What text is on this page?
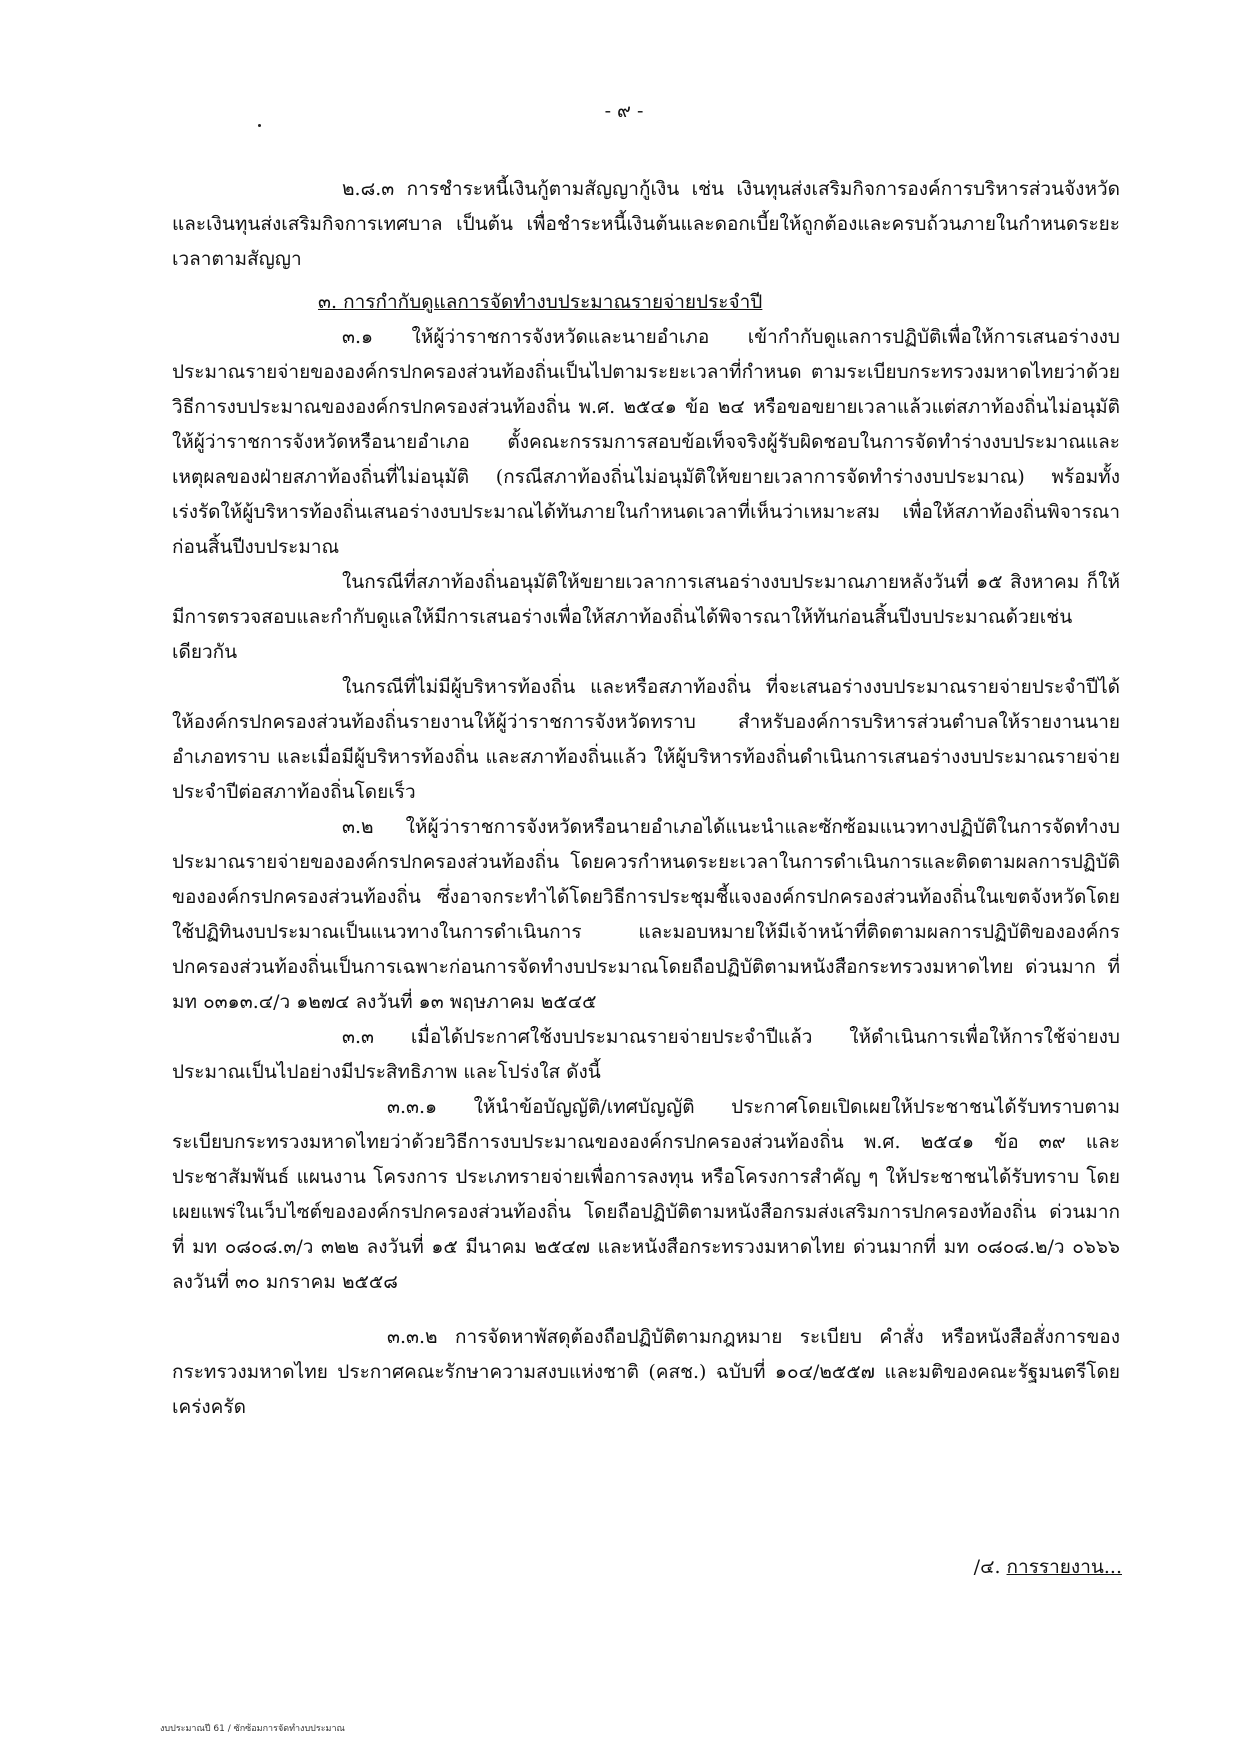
- ๙ -

๒.๘.๓ การชำระหนี้เงินกู้ตามสัญญากู้เงิน เช่น เงินทุนส่งเสริมกิจการองค์การบริหารส่วนจังหวัด และเงินทุนส่งเสริมกิจการเทศบาล เป็นต้น เพื่อชำระหนี้เงินต้นและดอกเบี้ยให้ถูกต้องและครบถ้วนภายในกำหนดระยะเวลาตามสัญญา

๓. การกำกับดูแลการจัดทำงบประมาณรายจ่ายประจำปี

๓.๑ ให้ผู้ว่าราชการจังหวัดและนายอำเภอ เข้ากำกับดูแลการปฏิบัติเพื่อให้การเสนอร่างงบประมาณรายจ่ายขององค์กรปกครองส่วนท้องถิ่นเป็นไปตามระยะเวลาที่กำหนด ตามระเบียบกระทรวงมหาดไทยว่าด้วยวิธีการงบประมาณขององค์กรปกครองส่วนท้องถิ่น พ.ศ. ๒๕๔๑ ข้อ ๒๔ หรือขอขยายเวลาแล้วแต่สภาท้องถิ่นไม่อนุมัติ ให้ผู้ว่าราชการจังหวัดหรือนายอำเภอ ตั้งคณะกรรมการสอบข้อเท็จจริงผู้รับผิดชอบในการจัดทำร่างงบประมาณและเหตุผลของฝ่ายสภาท้องถิ่นที่ไม่อนุมัติ (กรณีสภาท้องถิ่นไม่อนุมัติให้ขยายเวลาการจัดทำร่างงบประมาณ) พร้อมทั้งเร่งรัดให้ผู้บริหารท้องถิ่นเสนอร่างงบประมาณได้ทันภายในกำหนดเวลาที่เห็นว่าเหมาะสม เพื่อให้สภาท้องถิ่นพิจารณาก่อนสิ้นปีงบประมาณ

ในกรณีที่สภาท้องถิ่นอนุมัติให้ขยายเวลาการเสนอร่างงบประมาณภายหลังวันที่ ๑๕ สิงหาคม ก็ให้มีการตรวจสอบและกำกับดูแลให้มีการเสนอร่างเพื่อให้สภาท้องถิ่นได้พิจารณาให้ทันก่อนสิ้นปีงบประมาณด้วยเช่นเดียวกัน

ในกรณีที่ไม่มีผู้บริหารท้องถิ่น และหรือสภาท้องถิ่น ที่จะเสนอร่างงบประมาณรายจ่ายประจำปีได้ ให้องค์กรปกครองส่วนท้องถิ่นรายงานให้ผู้ว่าราชการจังหวัดทราบ สำหรับองค์การบริหารส่วนตำบลให้รายงานนายอำเภอทราบ และเมื่อมีผู้บริหารท้องถิ่น และสภาท้องถิ่นแล้ว ให้ผู้บริหารท้องถิ่นดำเนินการเสนอร่างงบประมาณรายจ่ายประจำปีต่อสภาท้องถิ่นโดยเร็ว

๓.๒ ให้ผู้ว่าราชการจังหวัดหรือนายอำเภอได้แนะนำและซักซ้อมแนวทางปฏิบัติในการจัดทำงบประมาณรายจ่ายขององค์กรปกครองส่วนท้องถิ่น โดยควรกำหนดระยะเวลาในการดำเนินการและติดตามผลการปฏิบัติขององค์กรปกครองส่วนท้องถิ่น ซึ่งอาจกระทำได้โดยวิธีการประชุมชี้แจงองค์กรปกครองส่วนท้องถิ่นในเขตจังหวัดโดยใช้ปฏิทินงบประมาณเป็นแนวทางในการดำเนินการ และมอบหมายให้มีเจ้าหน้าที่ติดตามผลการปฏิบัติขององค์กรปกครองส่วนท้องถิ่นเป็นการเฉพาะก่อนการจัดทำงบประมาณโดยถือปฏิบัติตามหนังสือกระทรวงมหาดไทย ด่วนมาก ที่ มท ๐๓๑๓.๔/ว ๑๒๗๔ ลงวันที่ ๑๓ พฤษภาคม ๒๕๔๕

๓.๓ เมื่อได้ประกาศใช้งบประมาณรายจ่ายประจำปีแล้ว ให้ดำเนินการเพื่อให้การใช้จ่ายงบประมาณเป็นไปอย่างมีประสิทธิภาพ และโปร่งใส ดังนี้

๓.๓.๑ ให้นำข้อบัญญัติ/เทศบัญญัติ ประกาศโดยเปิดเผยให้ประชาชนได้รับทราบตามระเบียบกระทรวงมหาดไทยว่าด้วยวิธีการงบประมาณขององค์กรปกครองส่วนท้องถิ่น พ.ศ. ๒๕๔๑ ข้อ ๓๙ และประชาสัมพันธ์ แผนงาน โครงการ ประเภทรายจ่ายเพื่อการลงทุน หรือโครงการสำคัญ ๆ ให้ประชาชนได้รับทราบ โดยเผยแพร่ในเว็บไซต์ขององค์กรปกครองส่วนท้องถิ่น โดยถือปฏิบัติตามหนังสือกรมส่งเสริมการปกครองท้องถิ่น ด่วนมาก ที่ มท ๐๘๐๘.๓/ว ๓๒๒ ลงวันที่ ๑๕ มีนาคม ๒๕๔๗ และหนังสือกระทรวงมหาดไทย ด่วนมากที่ มท ๐๘๐๘.๒/ว ๐๖๖๖ ลงวันที่ ๓๐ มกราคม ๒๕๕๘

๓.๓.๒ การจัดหาพัสดุต้องถือปฏิบัติตามกฎหมาย ระเบียบ คำสั่ง หรือหนังสือสั่งการของกระทรวงมหาดไทย ประกาศคณะรักษาความสงบแห่งชาติ (คสช.) ฉบับที่ ๑๐๔/๒๕๕๗ และมติของคณะรัฐมนตรีโดยเคร่งครัด

/๔. การรายงาน...
งบประมาณปี 61 / ซักซ้อมการจัดทำงบประมาณ
